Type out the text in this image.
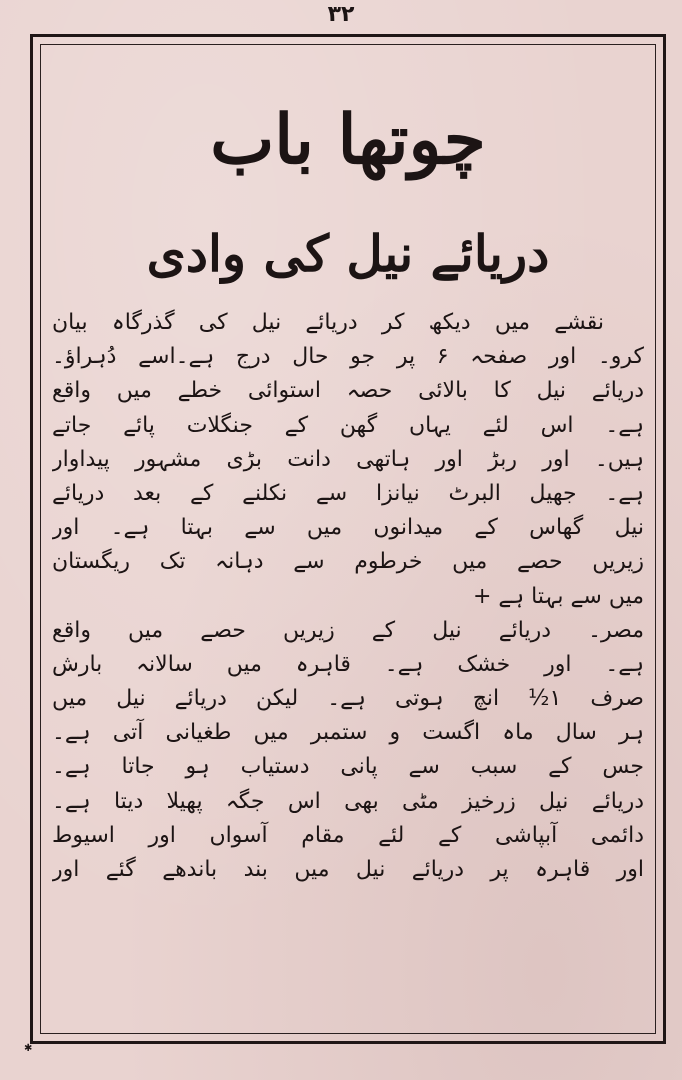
۳۲
✱
چوتھا باب
دریائے نیل کی وادی
نقشے میں دیکھ کر دریائے نیل کی گذرگاہ بیان
کرو۔ اور صفحہ ۶ پر جو حال درج ہے۔اسے دُہراؤ۔
دریائے نیل کا بالائی حصہ استوائی خطے میں واقع
ہے۔ اس لئے یہاں گھن کے جنگلات پائے جاتے
ہیں۔ اور ربڑ اور ہاتھی دانت بڑی مشہور پیداوار
ہے۔ جھیل البرٹ نیانزا سے نکلنے کے بعد دریائے
نیل گھاس کے میدانوں میں سے بہتا ہے۔ اور
زیریں حصے میں خرطوم سے دہانہ تک ریگستان
میں سے بہتا ہے +
مصر۔ دریائے نیل کے زیریں حصے میں واقع
ہے۔ اور خشک ہے۔ قاہرہ میں سالانہ بارش
صرف ۱½ انچ ہوتی ہے۔ لیکن دریائے نیل میں
ہر سال ماہ اگست و ستمبر میں طغیانی آتی ہے۔
جس کے سبب سے پانی دستیاب ہو جاتا ہے۔
دریائے نیل زرخیز مٹی بھی اس جگہ پھیلا دیتا ہے۔
دائمی آبپاشی کے لئے مقام آسواں اور اسیوط
اور قاہرہ پر دریائے نیل میں بند باندھے گئے اور
